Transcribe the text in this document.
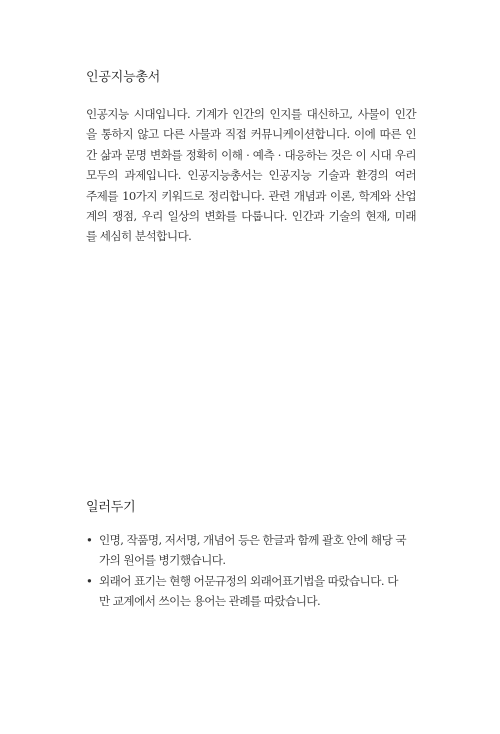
인공지능총서

인공지능 시대입니다. 기계가 인간의 인지를 대신하고, 사물이 인간
을 통하지 않고 다른 사물과 직접 커뮤니케이션합니다. 이에 따른 인
간 삶과 문명 변화를 정확히 이해 · 예측 · 대응하는 것은 이 시대 우리
모두의 과제입니다. 인공지능총서는 인공지능 기술과 환경의 여러
주제를 10가지 키워드로 정리합니다. 관련 개념과 이론, 학계와 산업
계의 쟁점, 우리 일상의 변화를 다룹니다. 인간과 기술의 현재, 미래
를 세심히 분석합니다.

일러두기
• 인명, 작품명, 저서명, 개념어 등은 한글과 함께 괄호 안에 해당 국
가의 원어를 병기했습니다.
• 외래어 표기는 현행 어문규정의 외래어표기법을 따랐습니다. 다
만 교계에서 쓰이는 용어는 관례를 따랐습니다.
